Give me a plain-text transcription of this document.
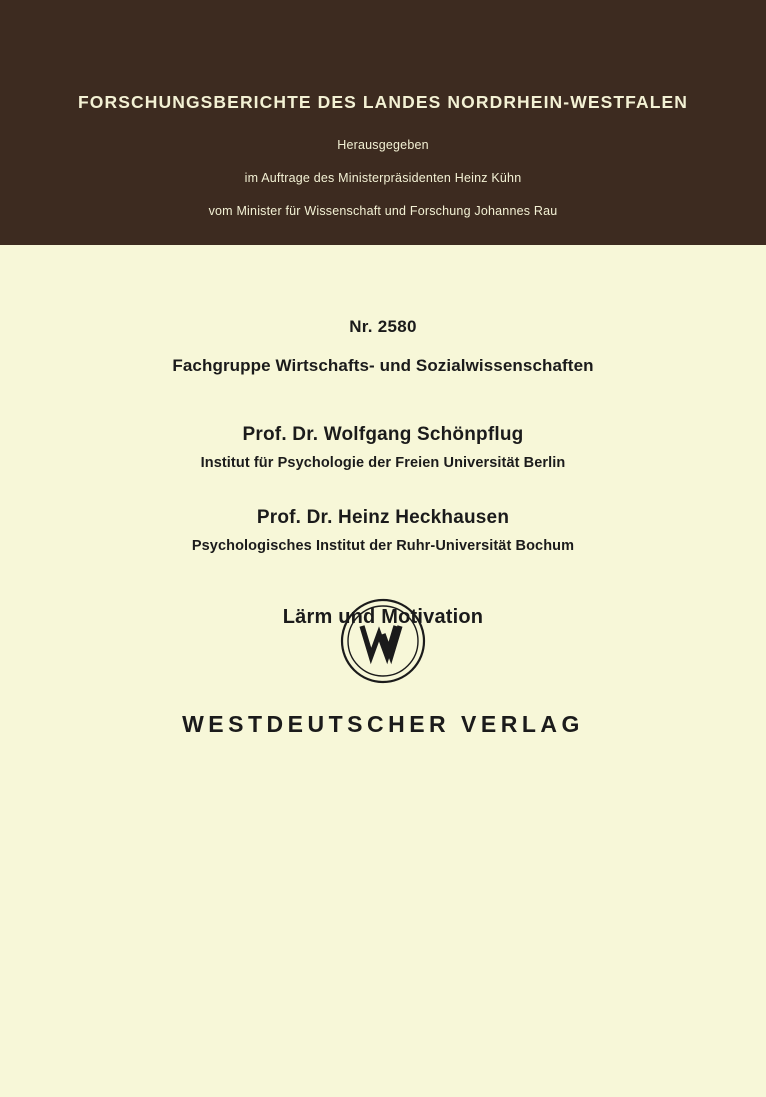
FORSCHUNGSBERICHTE DES LANDES NORDRHEIN-WESTFALEN
Herausgegeben
im Auftrage des Ministerpräsidenten Heinz Kühn
vom Minister für Wissenschaft und Forschung Johannes Rau
Nr. 2580
Fachgruppe Wirtschafts- und Sozialwissenschaften
Prof. Dr. Wolfgang Schönpflug
Institut für Psychologie der Freien Universität Berlin
Prof. Dr. Heinz Heckhausen
Psychologisches Institut der Ruhr-Universität Bochum
Lärm und Motivation
WESTDEUTSCHER VERLAG
